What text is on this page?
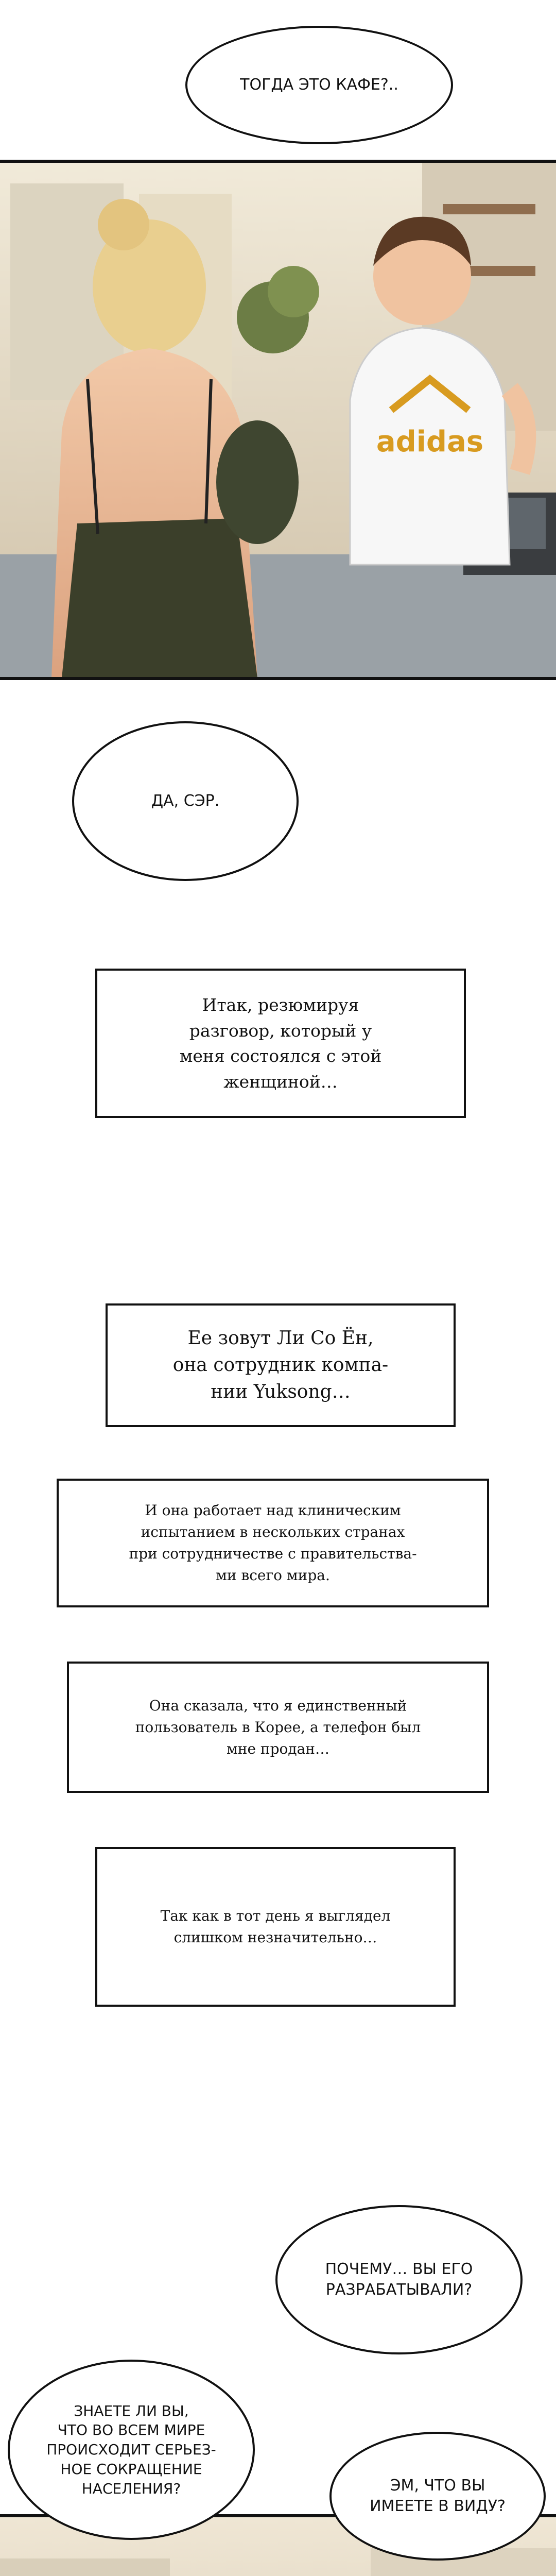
ТОГДА ЭТО КАФЕ?..
adidas
ДА, СЭР.
Итак, резюмируя
разговор, который у
меня состоялся с этой
женщиной…
Ее зовут Ли Со Ён,
она сотрудник компа-
нии Yuksong…
И она работает над клиническим
испытанием в нескольких странах
при сотрудничестве с правительства-
ми всего мира.
Она сказала, что я единственный
пользователь в Корее, а телефон был
мне продан…
Так как в тот день я выглядел
слишком незначительно…
ПОЧЕМУ… ВЫ ЕГО
РАЗРАБАТЫВАЛИ?
ЗНАЕТЕ ЛИ ВЫ,
ЧТО ВО ВСЕМ МИРЕ
ПРОИСХОДИТ СЕРЬЕЗ-
НОЕ СОКРАЩЕНИЕ
НАСЕЛЕНИЯ?	ЭМ, ЧТО ВЫ
ИМЕЕТЕ В ВИДУ?
